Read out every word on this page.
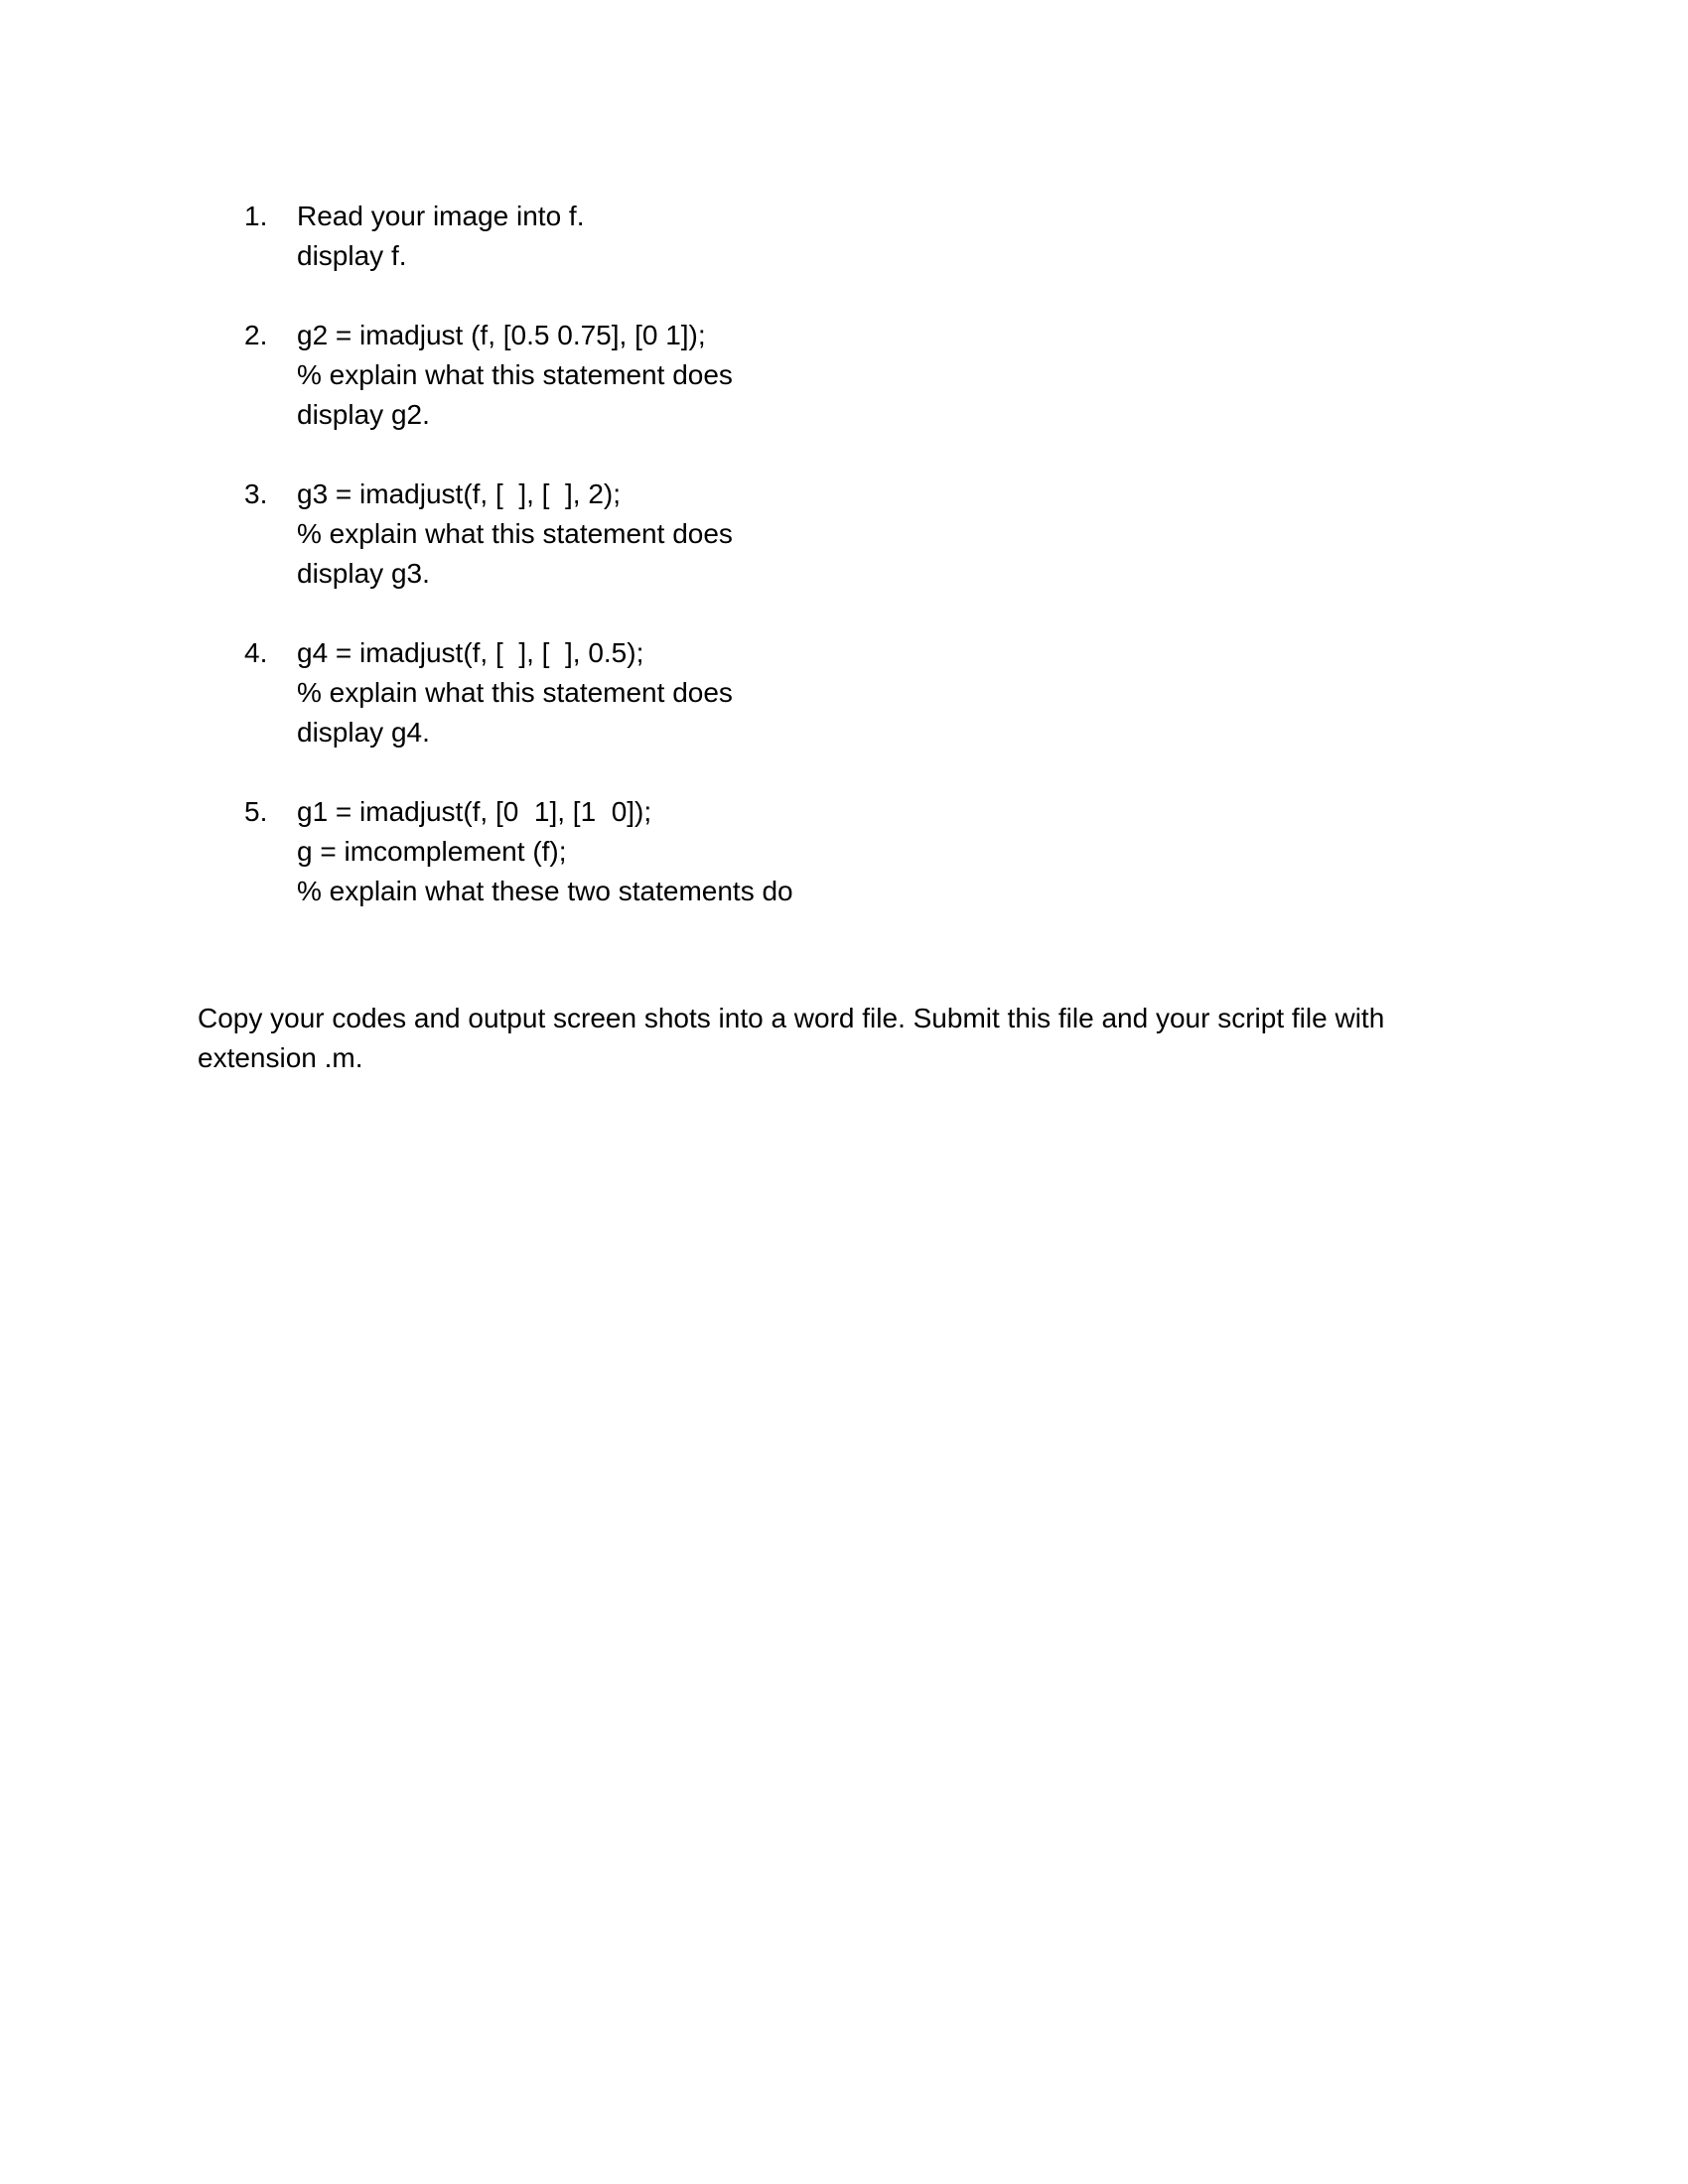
1. Read your image into f.
display f.
2. g2 = imadjust (f, [0.5 0.75], [0 1]);
% explain what this statement does
display g2.
3. g3 = imadjust(f, [  ], [  ], 2);
% explain what this statement does
display g3.
4. g4 = imadjust(f, [  ], [  ], 0.5);
% explain what this statement does
display g4.
5. g1 = imadjust(f, [0  1], [1  0]);
g = imcomplement (f);
% explain what these two statements do

Copy your codes and output screen shots into a word file. Submit this file and your script file with extension .m.
